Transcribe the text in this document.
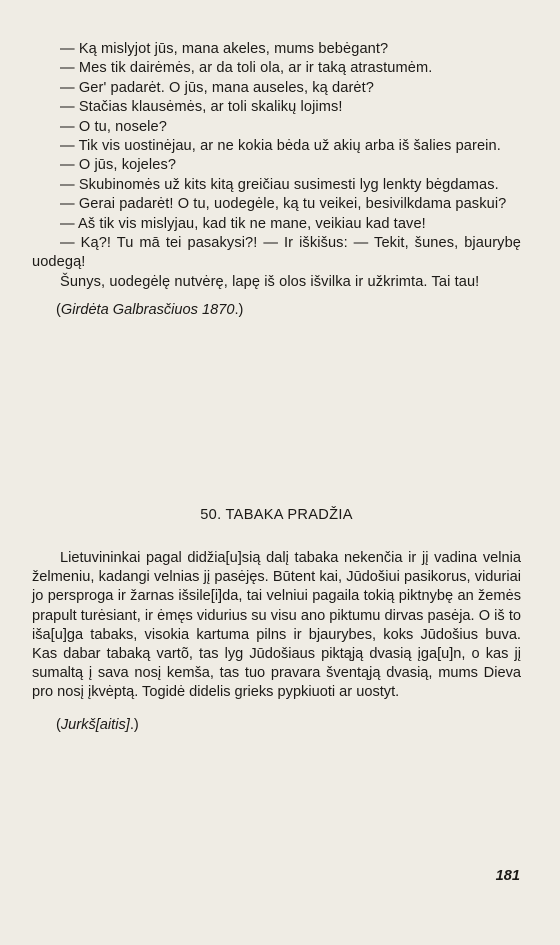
— Ką mislyjot jūs, mana akeles, mums bebėgant?
— Mes tik dairėmės, ar da toli ola, ar ir taką atrastumėm.
— Ger' padarėt. O jūs, mana auseles, ką darėt?
— Stačias klausėmės, ar toli skalikų lojims!
— O tu, nosele?
— Tik vis uostinėjau, ar ne kokia bėda už akių arba iš šalies parein.
— O jūs, kojeles?
— Skubinomės už kits kitą greičiau susimesti lyg lenkty bėgdamas.
— Gerai padarėt! O tu, uodegėle, ką tu veikei, besivilkdama paskui?
— Aš tik vis mislyjau, kad tik ne mane, veikiau kad tave!
— Ką?! Tu mā tei pasakysi?! — Ir iškišus: — Tekit, šunes, bjaurybę uodegą!
Šunys, uodegėlę nutvėrę, lapę iš olos išvilka ir užkrimta. Tai tau!
(Girdėta Galbrasčiuos 1870.)
50. TABAKA PRADŽIA

Lietuvininkai pagal didžia[u]sią dalį tabaka nekenčia ir jį vadina velnia želmeniu, kadangi velnias jį pasėjęs. Būtent kai, Jūdošiui pasikorus, viduriai jo persproga ir žarnas išsile[i]da, tai velniui pagaila tokią piktnybę an žemės prapult turėsiant, ir ėmęs vidurius su visu ano piktumu dirvas pasėja. O iš to iša[u]ga tabaks, visokia kartuma pilns ir bjaurybes, koks Jūdošius buva. Kas dabar tabaką vartõ, tas lyg Jūdošiaus piktąją dvasią įga[u]n, o kas jį sumaltą į sava nosį kemša, tas tuo pravara šventąją dvasią, mums Dieva pro nosį įkvėptą. Togidė didelis grieks pypkiuoti ar uostyt.

(Jurkš[aitis].)
181
